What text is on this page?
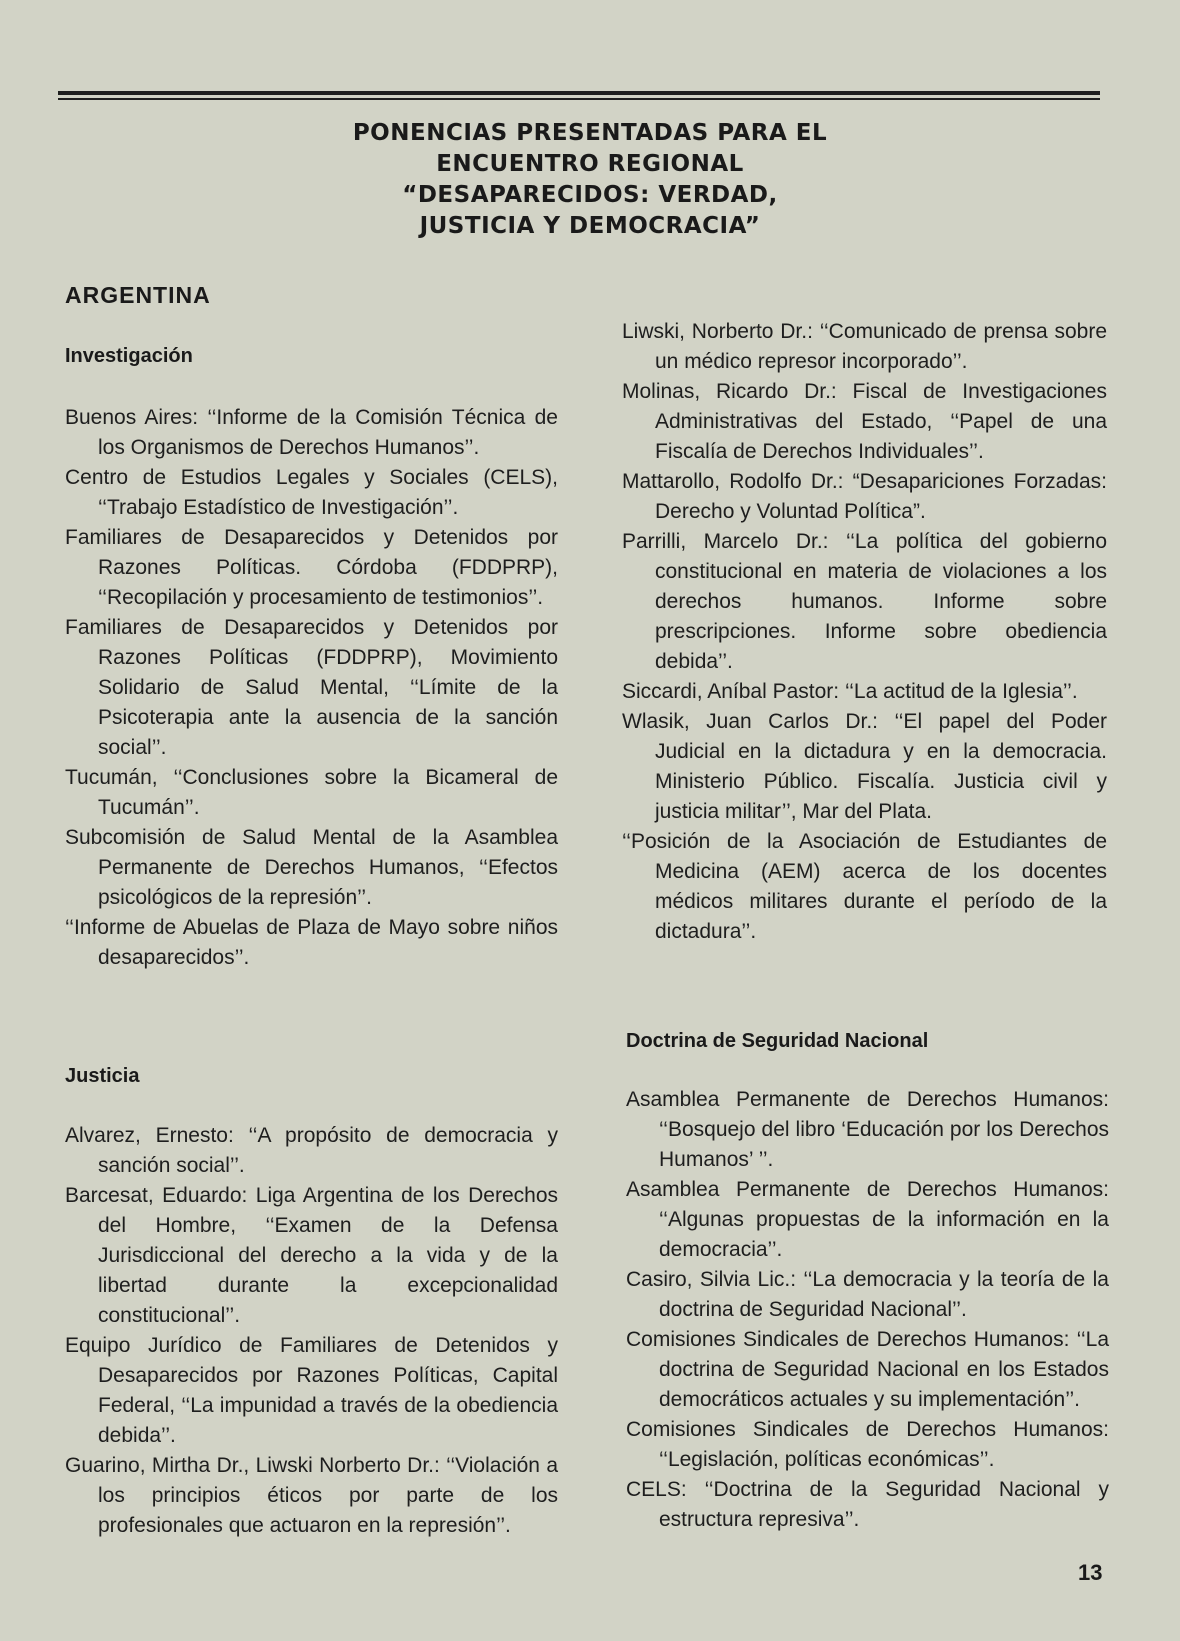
PONENCIAS PRESENTADAS PARA EL
ENCUENTRO REGIONAL
“DESAPARECIDOS: VERDAD,
JUSTICIA Y DEMOCRACIA”
ARGENTINA
Investigación

Buenos Aires: ‘‘Informe de la Comisión Técnica de los Organismos de Derechos Humanos’’.

Centro de Estudios Legales y Sociales (CELS), ‘‘Trabajo Estadístico de Investigación’’.

Familiares de Desaparecidos y Detenidos por Razones Políticas. Córdoba (FDDPRP), ‘‘Recopilación y procesamiento de testimonios’’.

Familiares de Desaparecidos y Detenidos por Razones Políticas (FDDPRP), Movimiento Solidario de Salud Mental, ‘‘Límite de la Psicoterapia ante la ausencia de la sanción social’’.

Tucumán, ‘‘Conclusiones sobre la Bicameral de Tucumán’’.

Subcomisión de Salud Mental de la Asamblea Permanente de Derechos Humanos, ‘‘Efectos psicológicos de la represión’’.

‘‘Informe de Abuelas de Plaza de Mayo sobre niños desaparecidos’’.

Justicia

Alvarez, Ernesto: ‘‘A propósito de democracia y sanción social’’.

Barcesat, Eduardo: Liga Argentina de los Derechos del Hombre, ‘‘Examen de la Defensa Jurisdiccional del derecho a la vida y de la libertad durante la excepcionalidad constitucional’’.

Equipo Jurídico de Familiares de Detenidos y Desaparecidos por Razones Políticas, Capital Federal, ‘‘La impunidad a través de la obediencia debida’’.

Guarino, Mirtha Dr., Liwski Norberto Dr.: ‘‘Violación a los principios éticos por parte de los profesionales que actuaron en la represión’’.

Liwski, Norberto Dr.: ‘‘Comunicado de prensa sobre un médico represor incorporado’’.

Molinas, Ricardo Dr.: Fiscal de Investigaciones Administrativas del Estado, ‘‘Papel de una Fiscalía de Derechos Individuales’’.

Mattarollo, Rodolfo Dr.: “Desapariciones Forzadas: Derecho y Voluntad Política”.

Parrilli, Marcelo Dr.: ‘‘La política del gobierno constitucional en materia de violaciones a los derechos humanos. Informe sobre prescripciones. Informe sobre obediencia debida’’.

Siccardi, Aníbal Pastor: ‘‘La actitud de la Iglesia’’.

Wlasik, Juan Carlos Dr.: ‘‘El papel del Poder Judicial en la dictadura y en la democracia. Ministerio Público. Fiscalía. Justicia civil y justicia militar’’, Mar del Plata.

‘‘Posición de la Asociación de Estudiantes de Medicina (AEM) acerca de los docentes médicos militares durante el período de la dictadura’’.

Doctrina de Seguridad Nacional

Asamblea Permanente de Derechos Humanos: ‘‘Bosquejo del libro ‘Educación por los Derechos Humanos’ ’’.

Asamblea Permanente de Derechos Humanos: ‘‘Algunas propuestas de la información en la democracia’’.

Casiro, Silvia Lic.: ‘‘La democracia y la teoría de la doctrina de Seguridad Nacional’’.

Comisiones Sindicales de Derechos Humanos: ‘‘La doctrina de Seguridad Nacional en los Estados democráticos actuales y su implementación’’.

Comisiones Sindicales de Derechos Humanos: ‘‘Legislación, políticas económicas’’.

CELS: ‘‘Doctrina de la Seguridad Nacional y estructura represiva’’.

13
